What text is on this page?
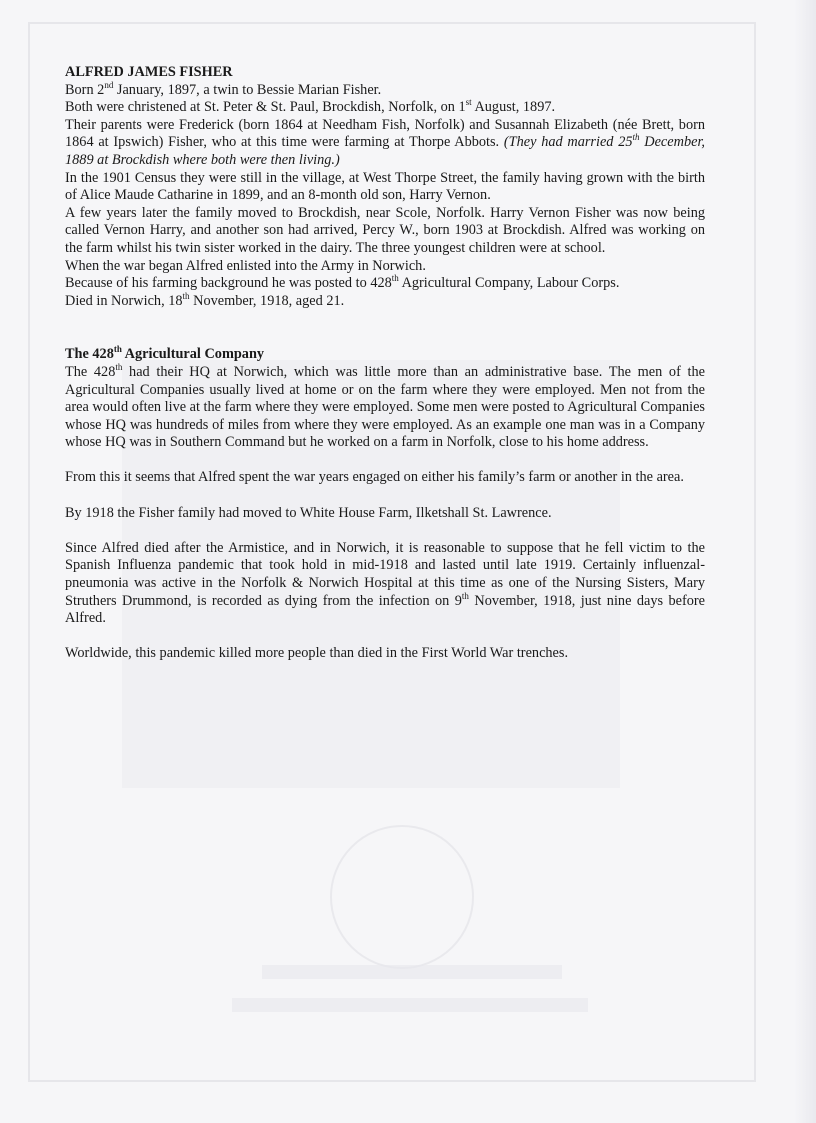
ALFRED JAMES FISHER

Born 2nd January, 1897, a twin to Bessie Marian Fisher.

Both were christened at St. Peter & St. Paul, Brockdish, Norfolk, on 1st August, 1897.

Their parents were Frederick (born 1864 at Needham Fish, Norfolk) and Susannah Elizabeth (née Brett, born 1864 at Ipswich) Fisher, who at this time were farming at Thorpe Abbots. (They had married 25th December, 1889 at Brockdish where both were then living.)

In the 1901 Census they were still in the village, at West Thorpe Street, the family having grown with the birth of Alice Maude Catharine in 1899, and an 8-month old son, Harry Vernon.

A few years later the family moved to Brockdish, near Scole, Norfolk. Harry Vernon Fisher was now being called Vernon Harry, and another son had arrived, Percy W., born 1903 at Brockdish. Alfred was working on the farm whilst his twin sister worked in the dairy. The three youngest children were at school.

When the war began Alfred enlisted into the Army in Norwich.

Because of his farming background he was posted to 428th Agricultural Company, Labour Corps.

Died in Norwich, 18th November, 1918, aged 21.

The 428th Agricultural Company

The 428th had their HQ at Norwich, which was little more than an administrative base. The men of the Agricultural Companies usually lived at home or on the farm where they were employed. Men not from the area would often live at the farm where they were employed. Some men were posted to Agricultural Companies whose HQ was hundreds of miles from where they were employed. As an example one man was in a Company whose HQ was in Southern Command but he worked on a farm in Norfolk, close to his home address.

From this it seems that Alfred spent the war years engaged on either his family’s farm or another in the area.

By 1918 the Fisher family had moved to White House Farm, Ilketshall St. Lawrence.

Since Alfred died after the Armistice, and in Norwich, it is reasonable to suppose that he fell victim to the Spanish Influenza pandemic that took hold in mid-1918 and lasted until late 1919. Certainly influenzal-pneumonia was active in the Norfolk & Norwich Hospital at this time as one of the Nursing Sisters, Mary Struthers Drummond, is recorded as dying from the infection on 9th November, 1918, just nine days before Alfred.

Worldwide, this pandemic killed more people than died in the First World War trenches.
